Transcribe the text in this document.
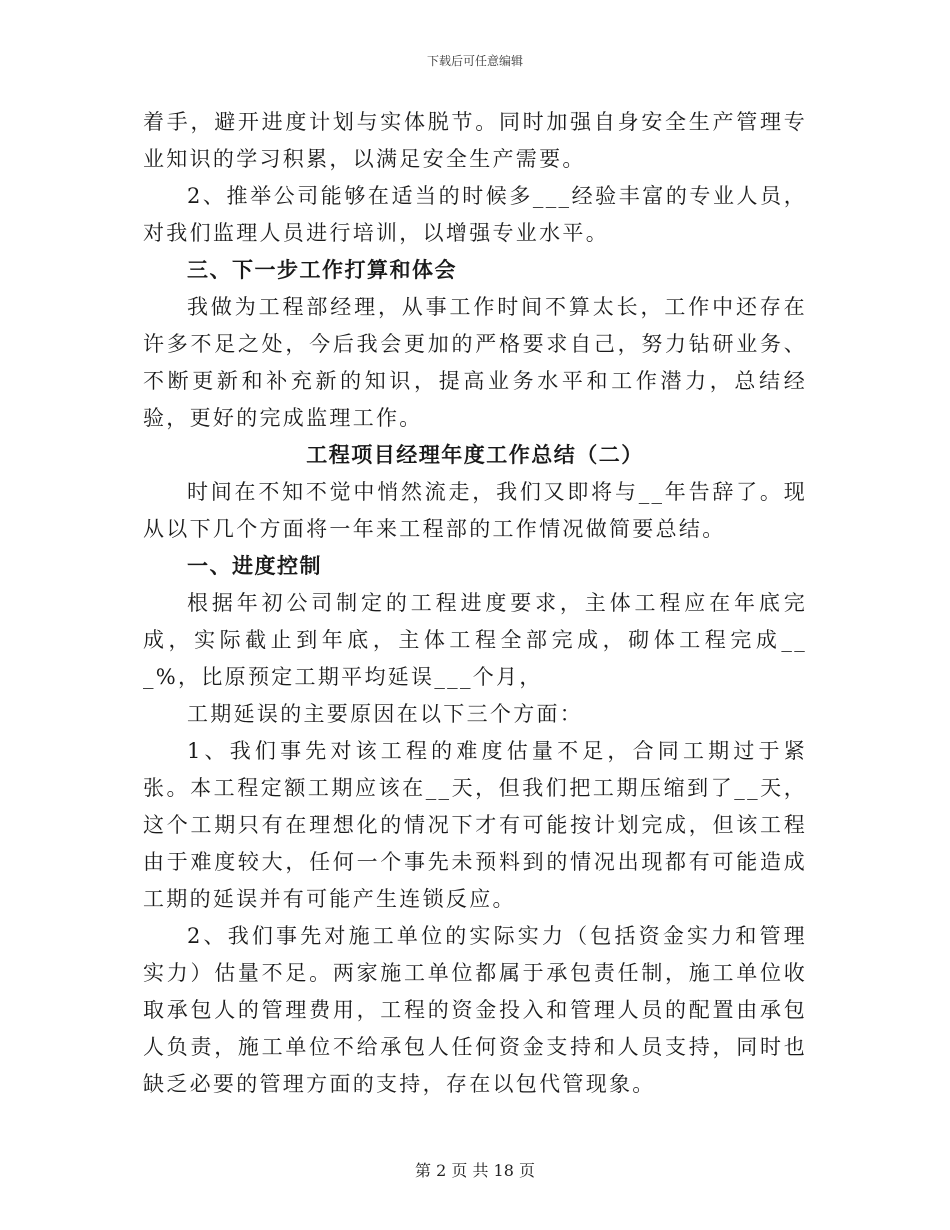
下载后可任意编辑

着手，避开进度计划与实体脱节。同时加强自身安全生产管理专业知识的学习积累，以满足安全生产需要。

2、推举公司能够在适当的时候多___经验丰富的专业人员，对我们监理人员进行培训，以增强专业水平。

三、下一步工作打算和体会

我做为工程部经理，从事工作时间不算太长，工作中还存在许多不足之处，今后我会更加的严格要求自己，努力钻研业务、不断更新和补充新的知识，提高业务水平和工作潜力，总结经验，更好的完成监理工作。

工程项目经理年度工作总结（二）

时间在不知不觉中悄然流走，我们又即将与__年告辞了。现从以下几个方面将一年来工程部的工作情况做简要总结。

一、进度控制

根据年初公司制定的工程进度要求，主体工程应在年底完成，实际截止到年底，主体工程全部完成，砌体工程完成___%，比原预定工期平均延误___个月，

工期延误的主要原因在以下三个方面：

1、我们事先对该工程的难度估量不足，合同工期过于紧张。本工程定额工期应该在__天，但我们把工期压缩到了__天，这个工期只有在理想化的情况下才有可能按计划完成，但该工程由于难度较大，任何一个事先未预料到的情况出现都有可能造成工期的延误并有可能产生连锁反应。

2、我们事先对施工单位的实际实力（包括资金实力和管理实力）估量不足。两家施工单位都属于承包责任制，施工单位收取承包人的管理费用，工程的资金投入和管理人员的配置由承包人负责，施工单位不给承包人任何资金支持和人员支持，同时也缺乏必要的管理方面的支持，存在以包代管现象。

第 2 页 共 18 页
